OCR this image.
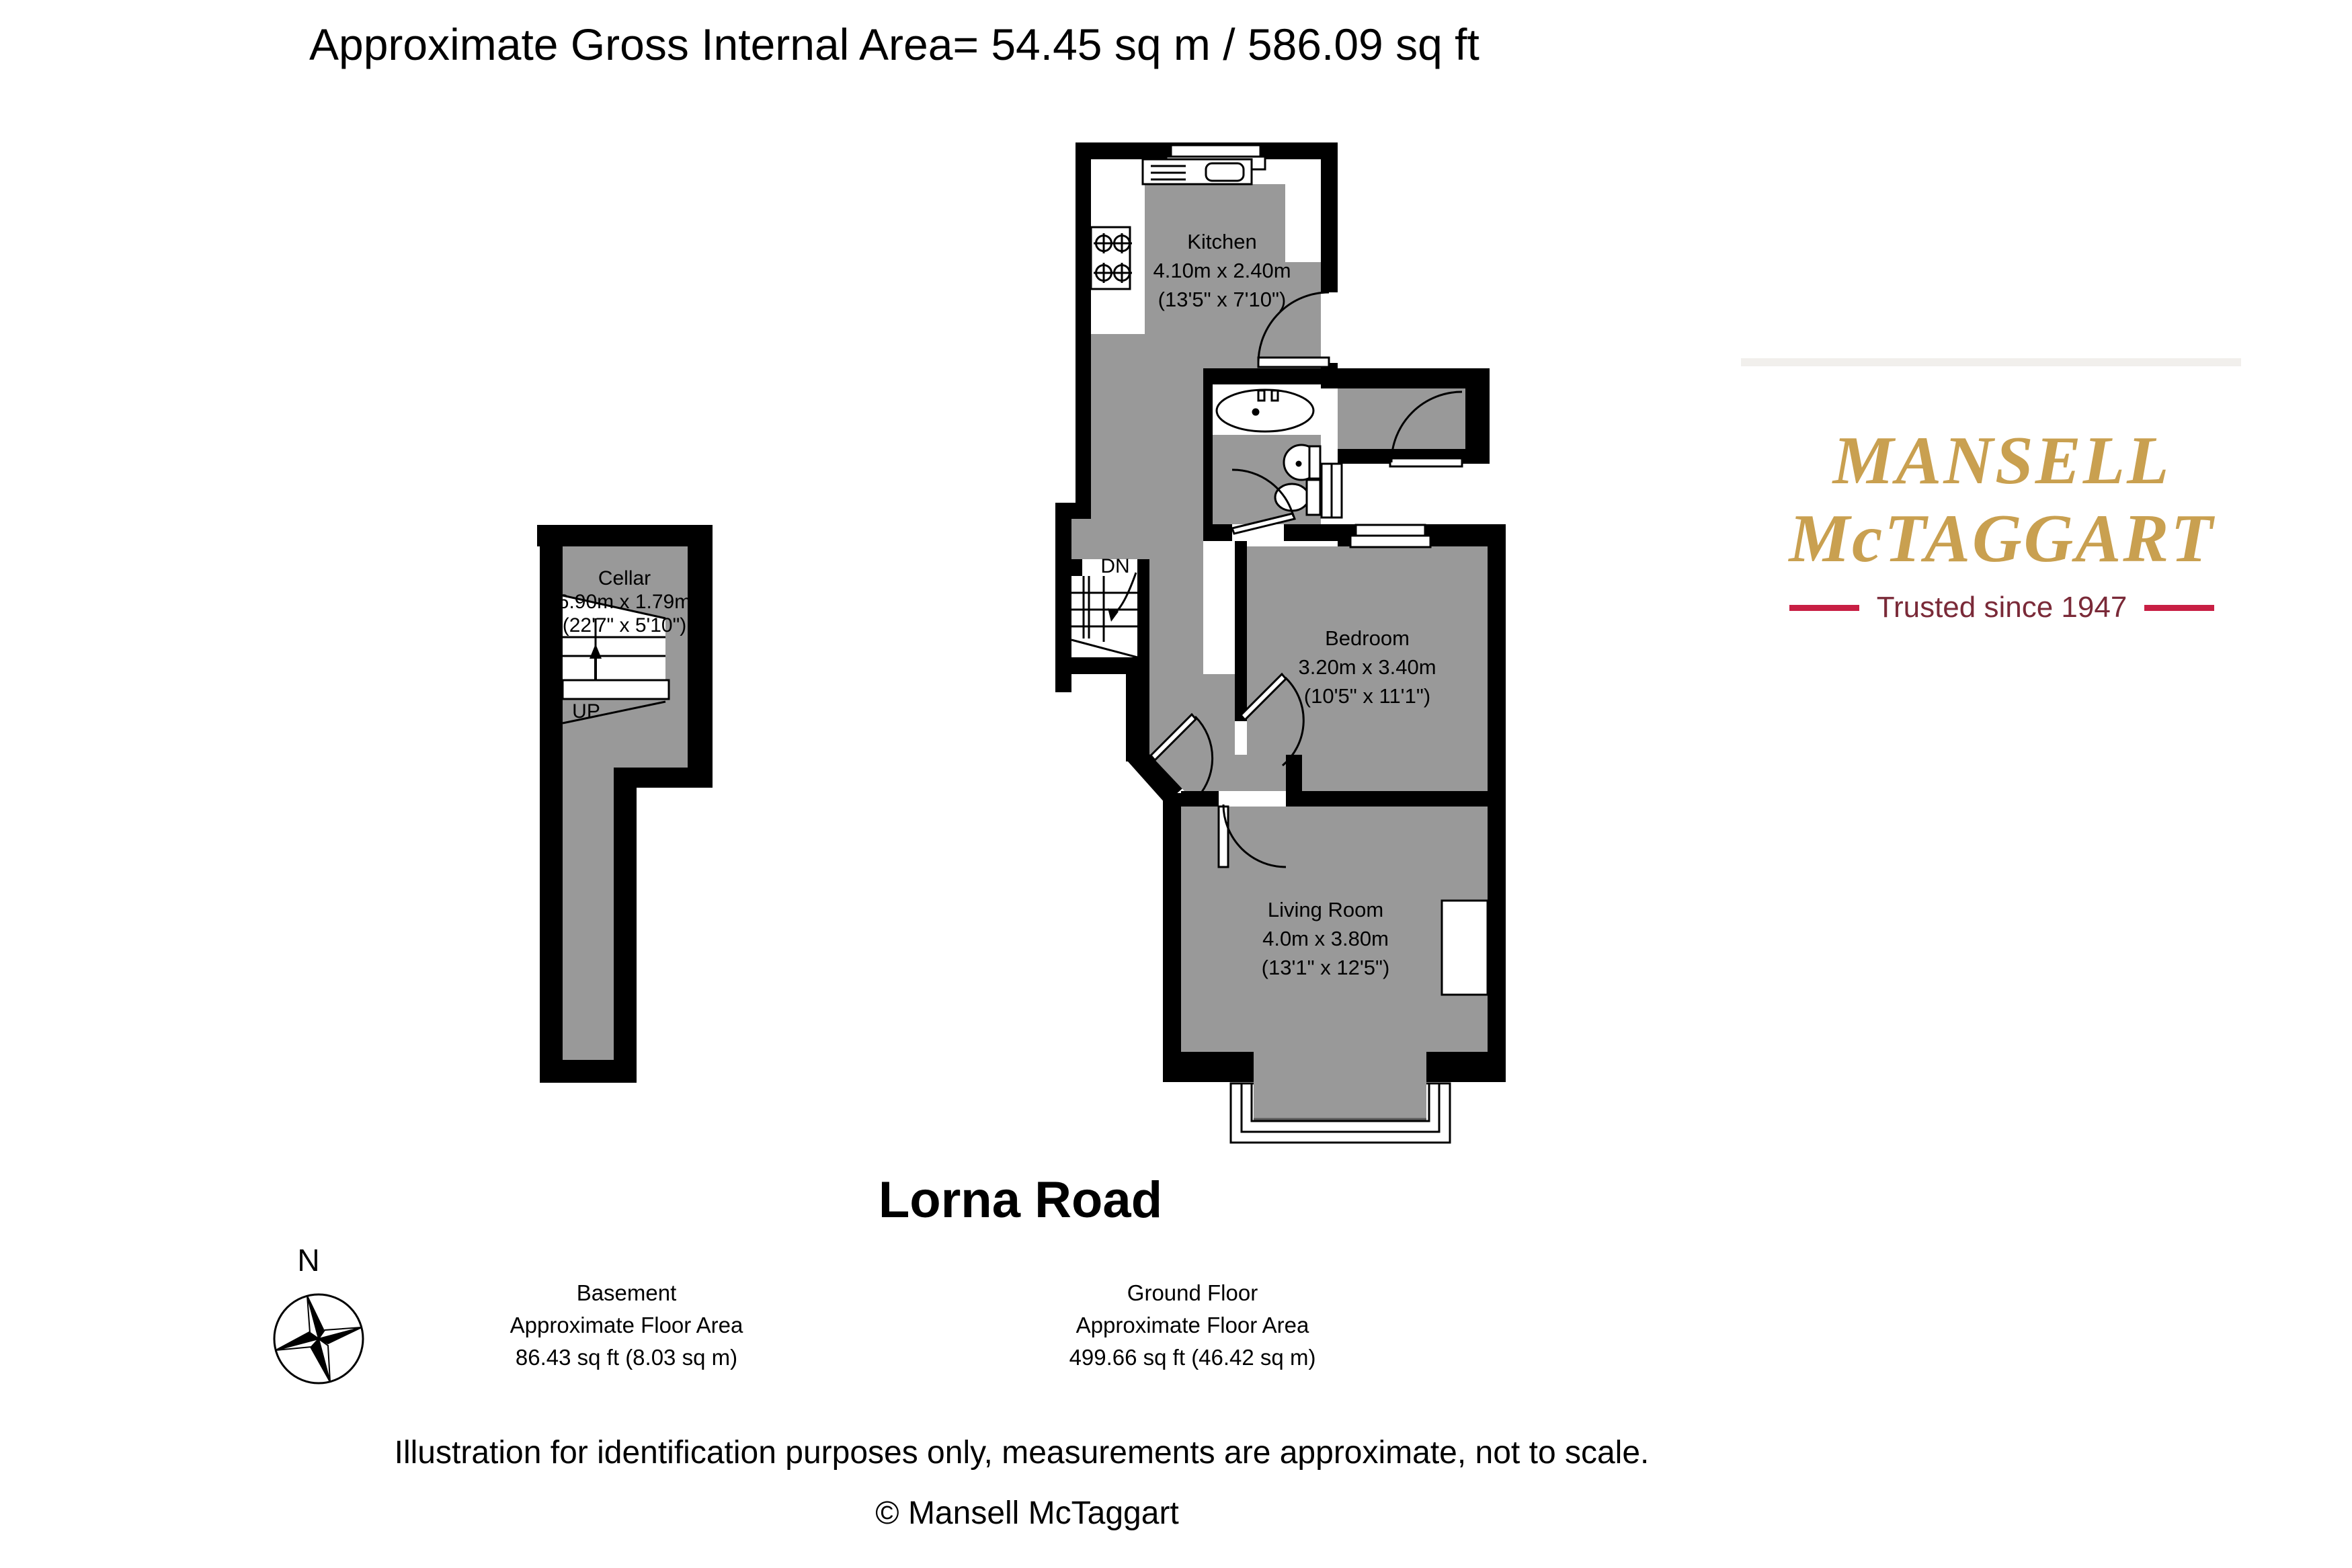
Approximate Gross Internal Area= 54.45 sq m / 586.09 sq ft
MANSELL
McTAGGART
Trusted since 1947
Kitchen
4.10m x 2.40m
(13'5" x 7'10")
Cellar
6.90m x 1.79m
(22'7" x 5'10")
Bedroom
3.20m x 3.40m
(10'5" x 11'1")
Living Room
4.0m x 3.80m
(13'1" x 12'5")
DN
UP
N
Lorna Road
Basement
Approximate Floor Area
86.43 sq ft (8.03 sq m)
Ground Floor
Approximate Floor Area
499.66 sq ft (46.42 sq m)
Illustration for identification purposes only, measurements are approximate, not to scale.
© Mansell McTaggart
